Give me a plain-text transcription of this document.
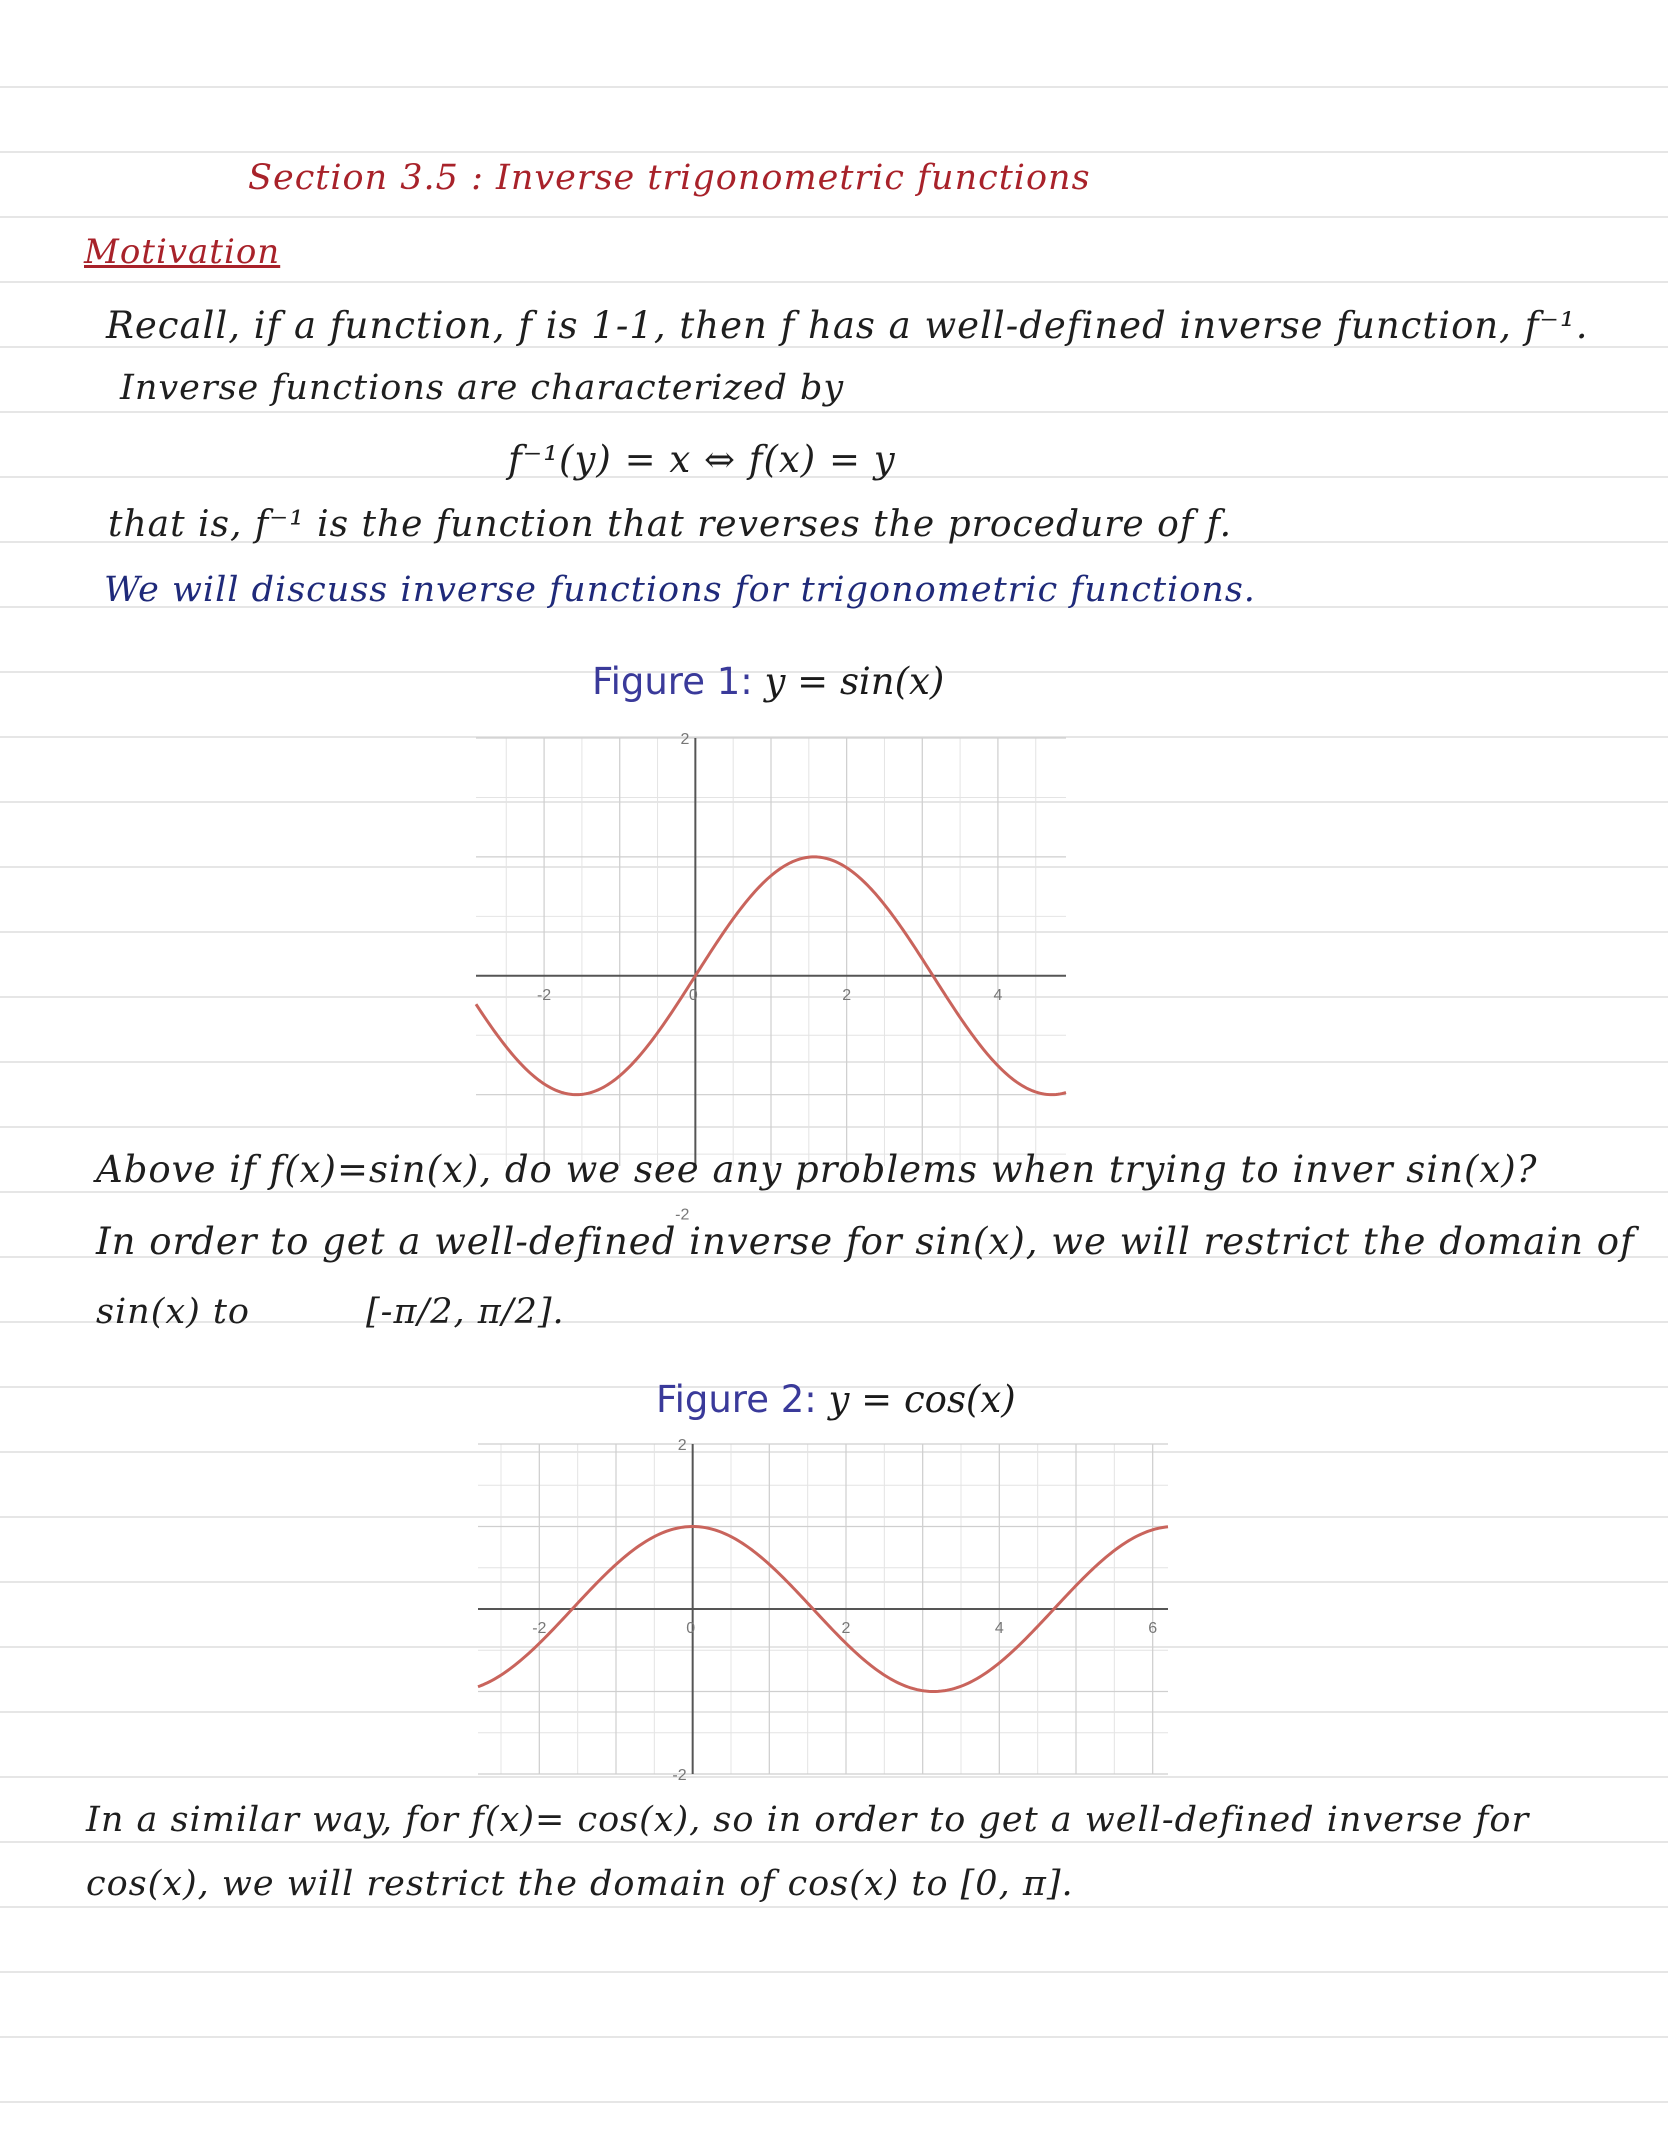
Section 3.5 : Inverse trigonometric functions
Motivation
Recall, if a function, f is 1-1, then f has a well-defined inverse function, f⁻¹.
Inverse functions are characterized by
f⁻¹(y) = x ⇔ f(x) = y
that is, f⁻¹ is the function that reverses the procedure of f.
We will discuss inverse functions for trigonometric functions.
Figure 1: y = sin(x)
-2	0	2	4
2
-2
Above if f(x)=sin(x), do we see any problems when trying to inver sin(x)?
In order to get a well-defined inverse for sin(x), we will restrict the domain of
sin(x) to	[-π/2, π/2].
Figure 2: y = cos(x)
-2	0	2	4	6
2
-2
In a similar way, for f(x)= cos(x), so in order to get a well-defined inverse for
cos(x), we will restrict the domain of cos(x) to [0, π].
